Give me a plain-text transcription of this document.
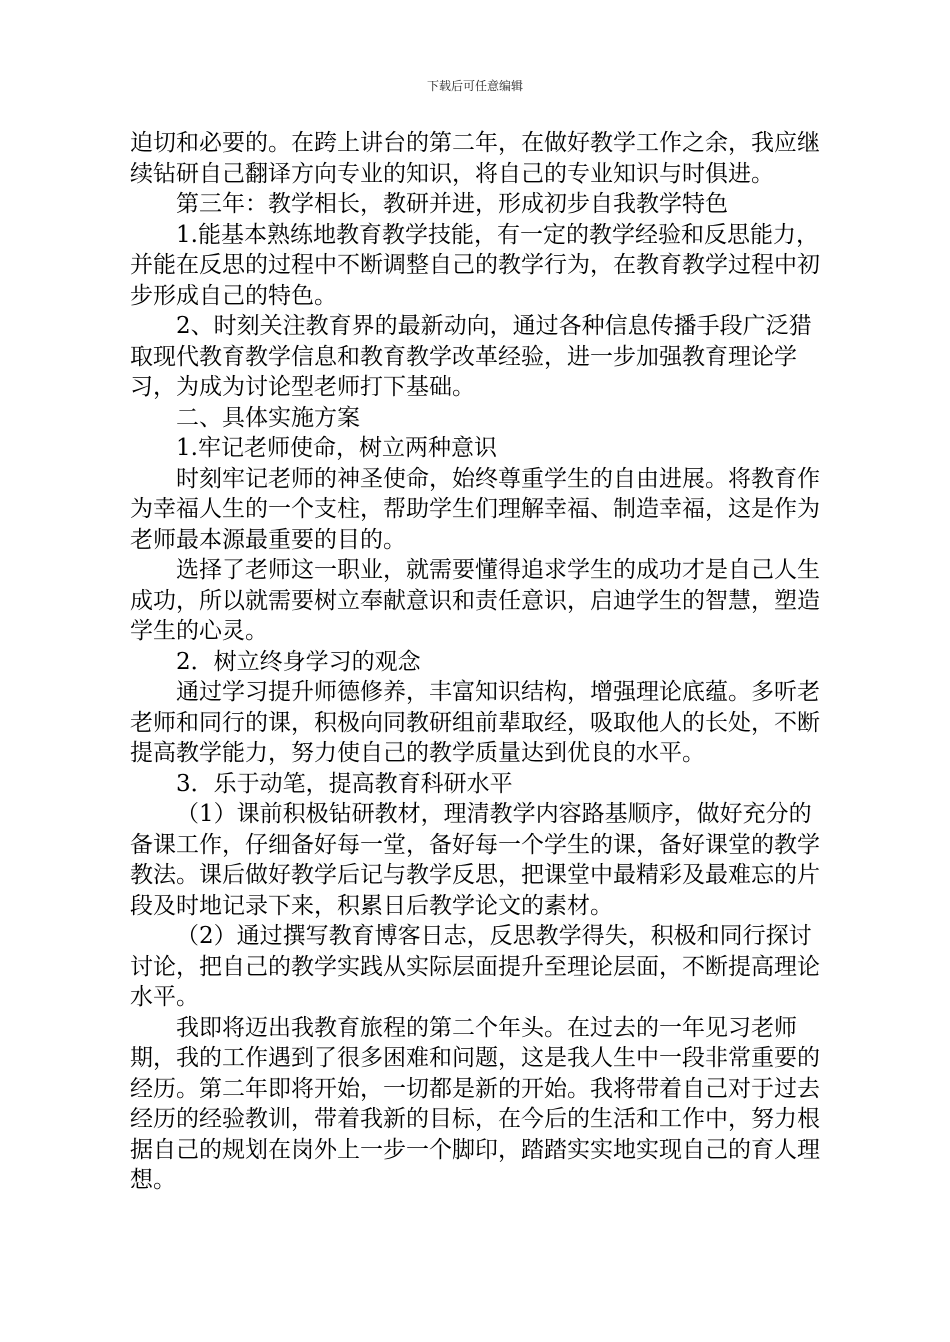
下载后可任意编辑

迫切和必要的。在跨上讲台的第二年，在做好教学工作之余，我应继续钻研自己翻译方向专业的知识，将自己的专业知识与时俱进。

第三年：教学相长，教研并进，形成初步自我教学特色

1.能基本熟练地教育教学技能，有一定的教学经验和反思能力，并能在反思的过程中不断调整自己的教学行为，在教育教学过程中初步形成自己的特色。

2、时刻关注教育界的最新动向，通过各种信息传播手段广泛猎取现代教育教学信息和教育教学改革经验，进一步加强教育理论学习，为成为讨论型老师打下基础。

二、具体实施方案

1.牢记老师使命，树立两种意识

时刻牢记老师的神圣使命，始终尊重学生的自由进展。将教育作为幸福人生的一个支柱，帮助学生们理解幸福、制造幸福，这是作为老师最本源最重要的目的。

选择了老师这一职业，就需要懂得追求学生的成功才是自己人生成功，所以就需要树立奉献意识和责任意识，启迪学生的智慧，塑造学生的心灵。

2．树立终身学习的观念

通过学习提升师德修养，丰富知识结构，增强理论底蕴。多听老老师和同行的课，积极向同教研组前辈取经，吸取他人的长处，不断提高教学能力，努力使自己的教学质量达到优良的水平。

3．乐于动笔，提高教育科研水平

（1）课前积极钻研教材，理清教学内容路基顺序，做好充分的备课工作，仔细备好每一堂，备好每一个学生的课，备好课堂的教学教法。课后做好教学后记与教学反思，把课堂中最精彩及最难忘的片段及时地记录下来，积累日后教学论文的素材。

（2）通过撰写教育博客日志，反思教学得失，积极和同行探讨讨论，把自己的教学实践从实际层面提升至理论层面，不断提高理论水平。

我即将迈出我教育旅程的第二个年头。在过去的一年见习老师期，我的工作遇到了很多困难和问题，这是我人生中一段非常重要的经历。第二年即将开始，一切都是新的开始。我将带着自己对于过去经历的经验教训，带着我新的目标，在今后的生活和工作中，努力根据自己的规划在岗外上一步一个脚印，踏踏实实地实现自己的育人理想。
